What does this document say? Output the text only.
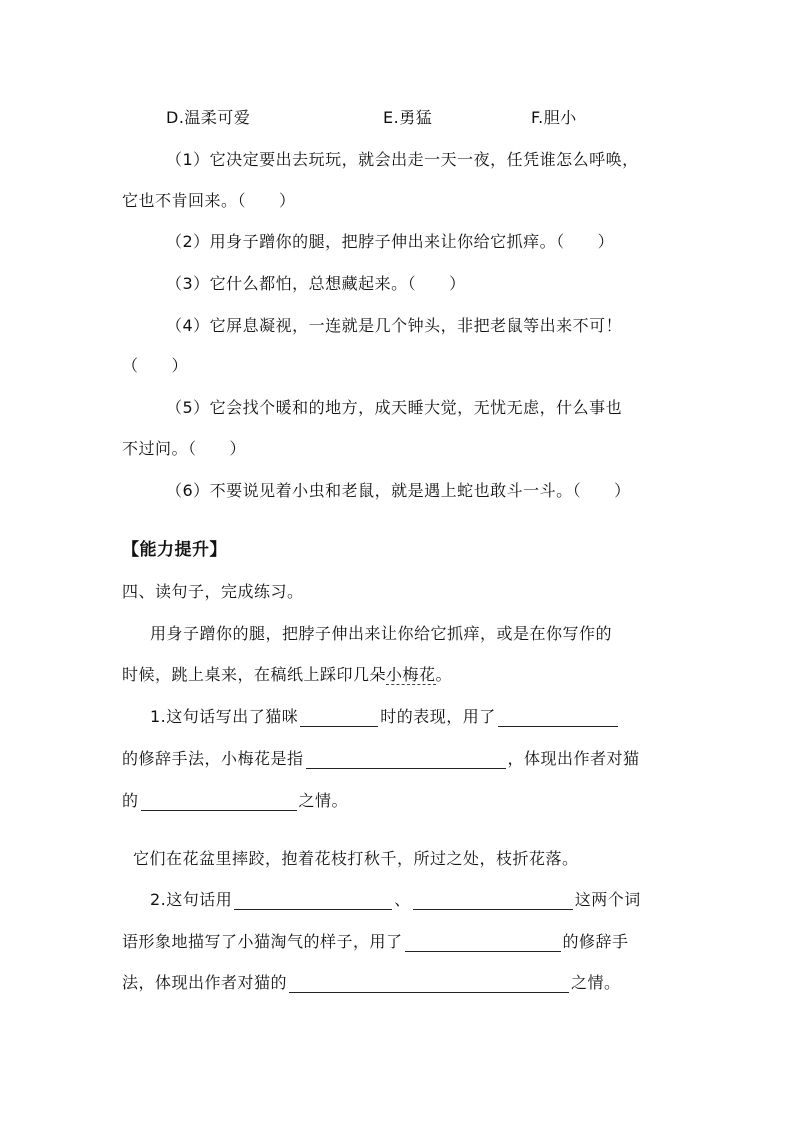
D.温柔可爱	E.勇猛	F.胆小
（1）它决定要出去玩玩，就会出走一天一夜，任凭谁怎么呼唤，
它也不肯回来。（　　）
（2）用身子蹭你的腿，把脖子伸出来让你给它抓痒。（　　）
（3）它什么都怕，总想藏起来。（　　）
（4）它屏息凝视，一连就是几个钟头，非把老鼠等出来不可！
（　　）
（5）它会找个暖和的地方，成天睡大觉，无忧无虑，什么事也
不过问。（　　）
（6）不要说见着小虫和老鼠，就是遇上蛇也敢斗一斗。（　　）
【能力提升】
四、读句子，完成练习。
用身子蹭你的腿，把脖子伸出来让你给它抓痒，或是在你写作的
时候，跳上桌来，在稿纸上踩印几朵小梅花。
1.这句话写出了猫咪	时的表现，用了
的修辞手法，小梅花是指	，体现出作者对猫
的	之情。
它们在花盆里摔跤，抱着花枝打秋千，所过之处，枝折花落。
2.这句话用	、	这两个词
语形象地描写了小猫淘气的样子，用了	的修辞手
法，体现出作者对猫的	之情。
